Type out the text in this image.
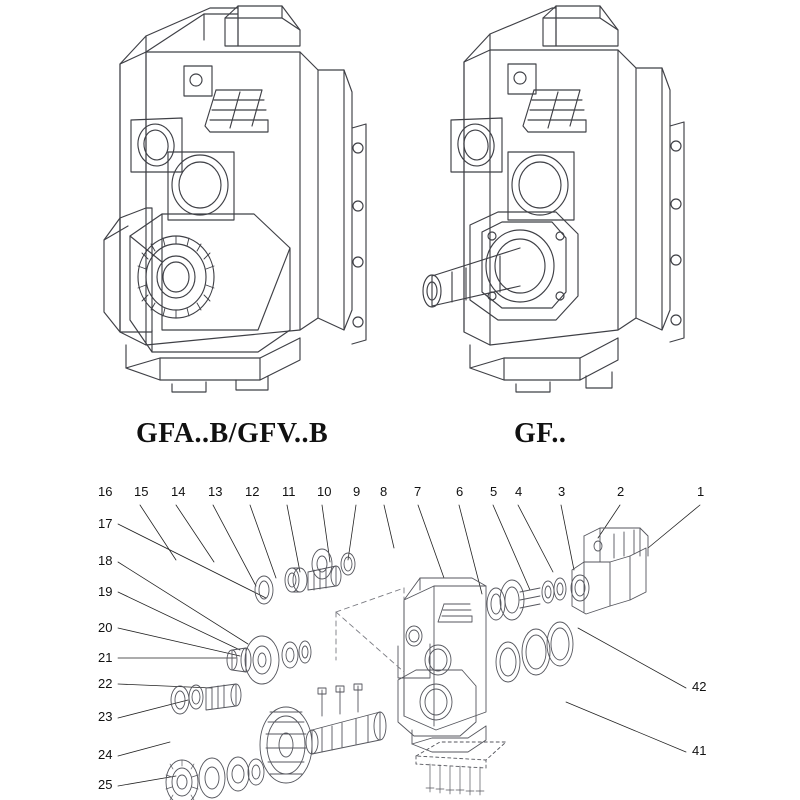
GFA..B/GFV..B	GF..
16
17
18
19
20
21
22
23
24
25
15 14 13 12 11 10 9 8 7	6 5 4	3	2	1
42
41
